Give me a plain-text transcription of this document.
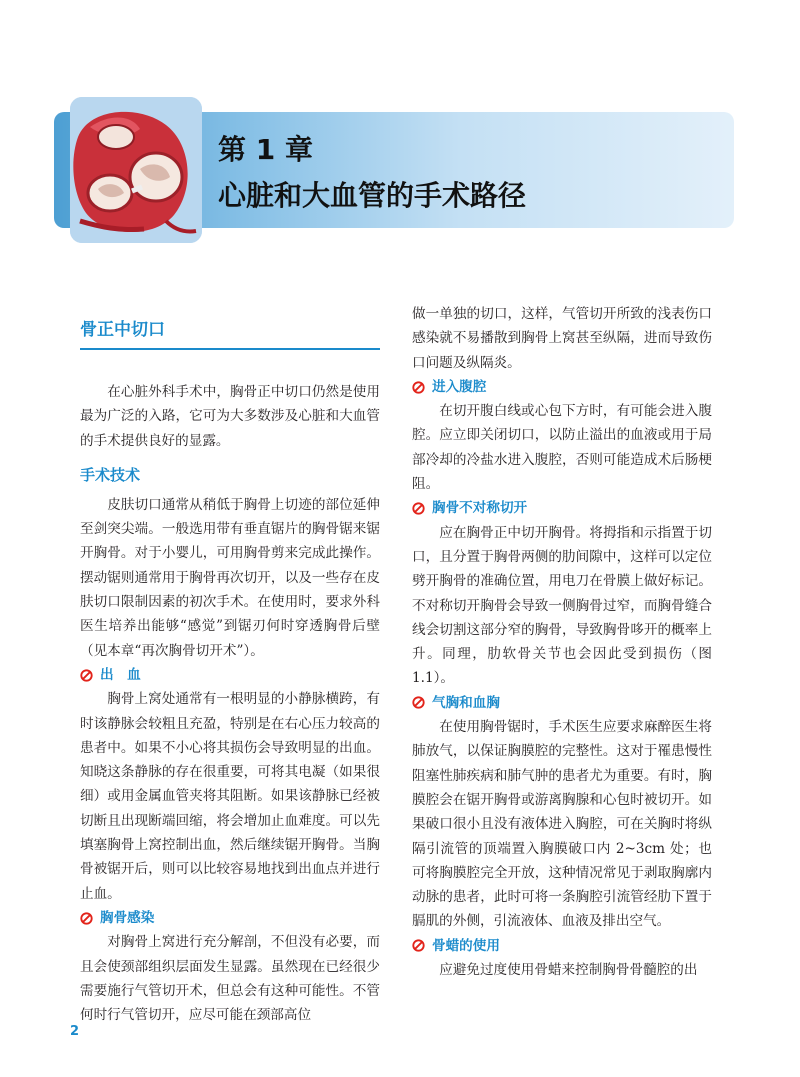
第 1 章
心脏和大血管的手术路径
骨正中切口

在心脏外科手术中，胸骨正中切口仍然是使用最为广泛的入路，它可为大多数涉及心脏和大血管的手术提供良好的显露。

手术技术

皮肤切口通常从稍低于胸骨上切迹的部位延伸至剑突尖端。一般选用带有垂直锯片的胸骨锯来锯开胸骨。对于小婴儿，可用胸骨剪来完成此操作。摆动锯则通常用于胸骨再次切开，以及一些存在皮肤切口限制因素的初次手术。在使用时，要求外科医生培养出能够“感觉”到锯刃何时穿透胸骨后壁（见本章“再次胸骨切开术”）。

出　血

胸骨上窝处通常有一根明显的小静脉横跨，有时该静脉会较粗且充盈，特别是在右心压力较高的患者中。如果不小心将其损伤会导致明显的出血。知晓这条静脉的存在很重要，可将其电凝（如果很细）或用金属血管夹将其阻断。如果该静脉已经被切断且出现断端回缩，将会增加止血难度。可以先填塞胸骨上窝控制出血，然后继续锯开胸骨。当胸骨被锯开后，则可以比较容易地找到出血点并进行止血。

胸骨感染

对胸骨上窝进行充分解剖，不但没有必要，而且会使颈部组织层面发生显露。虽然现在已经很少需要施行气管切开术，但总会有这种可能性。不管何时行气管切开，应尽可能在颈部高位

做一单独的切口，这样，气管切开所致的浅表伤口感染就不易播散到胸骨上窝甚至纵隔，进而导致伤口问题及纵隔炎。

进入腹腔

在切开腹白线或心包下方时，有可能会进入腹腔。应立即关闭切口，以防止溢出的血液或用于局部冷却的冷盐水进入腹腔，否则可能造成术后肠梗阻。

胸骨不对称切开

应在胸骨正中切开胸骨。将拇指和示指置于切口，且分置于胸骨两侧的肋间隙中，这样可以定位劈开胸骨的准确位置，用电刀在骨膜上做好标记。不对称切开胸骨会导致一侧胸骨过窄，而胸骨缝合线会切割这部分窄的胸骨，导致胸骨哆开的概率上升。同理，肋软骨关节也会因此受到损伤（图 1.1）。

气胸和血胸

在使用胸骨锯时，手术医生应要求麻醉医生将肺放气，以保证胸膜腔的完整性。这对于罹患慢性阻塞性肺疾病和肺气肿的患者尤为重要。有时，胸膜腔会在锯开胸骨或游离胸腺和心包时被切开。如果破口很小且没有液体进入胸腔，可在关胸时将纵隔引流管的顶端置入胸膜破口内 2~3cm 处；也可将胸膜腔完全开放，这种情况常见于剥取胸廓内动脉的患者，此时可将一条胸腔引流管经肋下置于膈肌的外侧，引流液体、血液及排出空气。

骨蜡的使用

应避免过度使用骨蜡来控制胸骨骨髓腔的出

2
